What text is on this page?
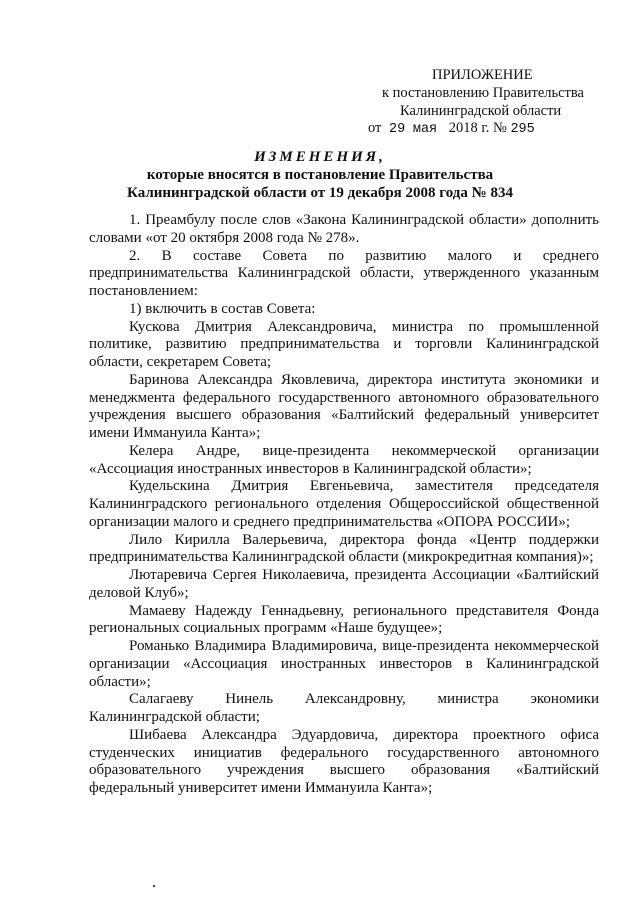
ПРИЛОЖЕНИЕ
к постановлению Правительства
Калининградской области
от 29 мая 2018 г. № 295
ИЗМЕНЕНИЯ,
которые вносятся в постановление Правительства
Калининградской области от 19 декабря 2008 года № 834

1. Преамбулу после слов «Закона Калининградской области» дополнить словами «от 20 октября 2008 года № 278».

2. В составе Совета по развитию малого и среднего предпринимательства Калининградской области, утвержденного указанным постановлением:

1) включить в состав Совета:

Кускова Дмитрия Александровича, министра по промышленной политике, развитию предпринимательства и торговли Калининградской области, секретарем Совета;

Баринова Александра Яковлевича, директора института экономики и менеджмента федерального государственного автономного образовательного учреждения высшего образования «Балтийский федеральный университет имени Иммануила Канта»;

Келера Андре, вице-президента некоммерческой организации «Ассоциация иностранных инвесторов в Калининградской области»;

Кудельскина Дмитрия Евгеньевича, заместителя председателя Калининградского регионального отделения Общероссийской общественной организации малого и среднего предпринимательства «ОПОРА РОССИИ»;

Лило Кирилла Валерьевича, директора фонда «Центр поддержки предпринимательства Калининградской области (микрокредитная компания)»;

Лютаревича Сергея Николаевича, президента Ассоциации «Балтийский деловой Клуб»;

Мамаеву Надежду Геннадьевну, регионального представителя Фонда региональных социальных программ «Наше будущее»;

Романько Владимира Владимировича, вице-президента некоммерческой организации «Ассоциация иностранных инвесторов в Калининградской области»;

Салагаеву Нинель Александровну, министра экономики Калининградской области;

Шибаева Александра Эдуардовича, директора проектного офиса студенческих инициатив федерального государственного автономного образовательного учреждения высшего образования «Балтийский федеральный университет имени Иммануила Канта»;
